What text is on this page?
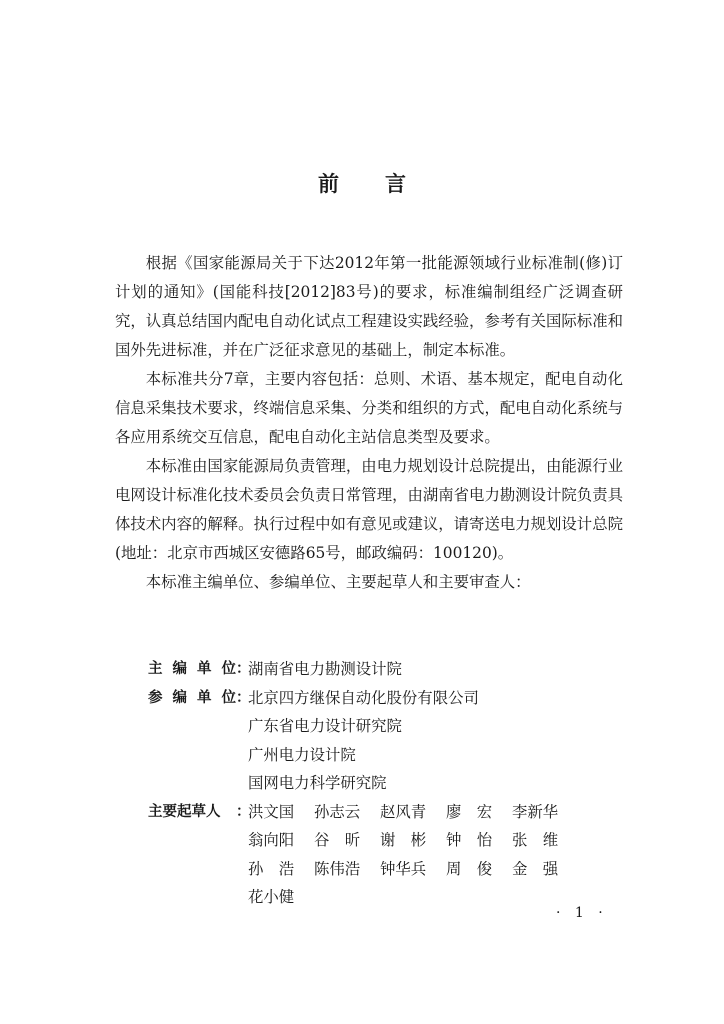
前言

根据《国家能源局关于下达2012年第一批能源领域行业标准制(修)订计划的通知》(国能科技[2012]83号)的要求，标准编制组经广泛调查研究，认真总结国内配电自动化试点工程建设实践经验，参考有关国际标准和国外先进标准，并在广泛征求意见的基础上，制定本标准。

本标准共分7章，主要内容包括：总则、术语、基本规定，配电自动化信息采集技术要求，终端信息采集、分类和组织的方式，配电自动化系统与各应用系统交互信息，配电自动化主站信息类型及要求。

本标准由国家能源局负责管理，由电力规划设计总院提出，由能源行业电网设计标准化技术委员会负责日常管理，由湖南省电力勘测设计院负责具体技术内容的解释。执行过程中如有意见或建议，请寄送电力规划设计总院(地址：北京市西城区安德路65号，邮政编码：100120)。

本标准主编单位、参编单位、主要起草人和主要审查人：

主 编 单 位 ：
湖南省电力勘测设计院
参 编 单 位 ：
北京四方继保自动化股份有限公司
广东省电力设计研究院
广州电力设计院
国网电力科学研究院
主要起草人 ：
洪文国	孙志云	赵风青	廖　宏	李新华
翁向阳	谷　昕	谢　彬	钟　怡	张　维
孙　浩	陈伟浩	钟华兵	周　俊	金　强
花小健
· 1 ·
